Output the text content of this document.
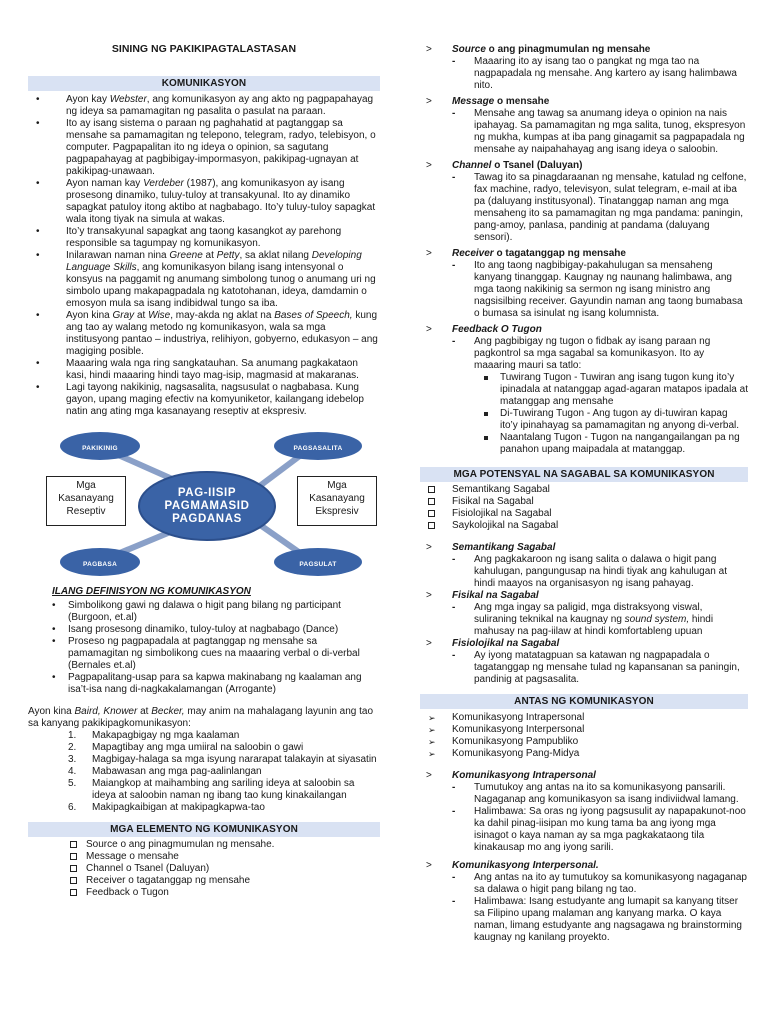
SINING NG PAKIKIPAGTALASTASAN
KOMUNIKASYON
• Ayon kay Webster, ang komunikasyon ay ang akto ng pagpapahayag ng ideya sa pamamagitan ng pasalita o pasulat na paraan.
• Ito ay isang sistema o paraan ng paghahatid at pagtanggap sa mensahe sa pamamagitan ng telepono, telegram, radyo, telebisyon, o computer. Pagpapalitan ito ng ideya o opinion, sa sagutang pagpapahayag at pagbibigay-impormasyon, pakikipag-ugnayan at pakikipag-unawaan.
• Ayon naman kay Verdeber (1987), ang komunikasyon ay isang prosesong dinamiko, tuluy-tuloy at transakyunal. Ito ay dinamiko sapagkat patuloy itong aktibo at nagbabago. Ito’y tuluy-tuloy sapagkat wala itong tiyak na simula at wakas.
• Ito’y transakyunal sapagkat ang taong kasangkot ay parehong responsible sa tagumpay ng komunikasyon.
• Inilarawan naman nina Greene at Petty, sa aklat nilang Developing Language Skills, ang komunikasyon bilang isang intensyonal o konsyus na paggamit ng anumang simbolong tunog o anumang uri ng simbolo upang makapagpadala ng katotohanan, ideya, damdamin o emosyon mula sa isang indibidwal tungo sa iba.
• Ayon kina Gray at Wise, may-akda ng aklat na Bases of Speech, kung ang tao ay walang metodo ng komunikasyon, wala sa mga institusyong pantao – industriya, relihiyon, gobyerno, edukasyon – ang magiging posible.
• Maaaring wala nga ring sangkatauhan. Sa anumang pagkakataon kasi, hindi maaaring hindi tayo mag-isip, magmasid at makaranas.
• Lagi tayong nakikinig, nagsasalita, nagsusulat o nagbabasa. Kung gayon, upang maging efectiv na komyuniketor, kailangang idebelop natin ang ating mga kasanayang reseptiv at ekspresiv.
PAKIKINIG	PAGSASALITA
PAGBASA	PAGSULAT
PAG-IISIP
PAGMAMASID
PAGDANAS
Mga
Kasanayang
Reseptiv
Mga
Kasanayang
Ekspresiv
ILANG DEFINISYON NG KOMUNIKASYON
• Simbolikong gawi ng dalawa o higit pang bilang ng participant (Burgoon, et.al)
• Isang prosesong dinamiko, tuloy-tuloy at nagbabago (Dance)
• Proseso ng pagpapadala at pagtanggap ng mensahe sa pamamagitan ng simbolikong cues na maaaring verbal o di-verbal (Bernales et.al)
• Pagpapalitang-usap para sa kapwa makinabang ng kaalaman ang isa’t-isa nang di-nagkakalamangan (Arrogante)
Ayon kina Baird, Knower at Becker, may anim na mahalagang layunin ang tao sa kanyang pakikipagkomunikasyon:
1. Makapagbigay ng mga kaalaman
2. Mapagtibay ang mga umiiral na saloobin o gawi
3. Magbigay-halaga sa mga isyung nararapat talakayin at siyasatin
4. Mabawasan ang mga pag-aalinlangan
5. Maiangkop at maihambing ang sariling ideya at saloobin sa ideya at saloobin naman ng ibang tao kung kinakailangan
6. Makipagkaibigan at makipagkapwa-tao
MGA ELEMENTO NG KOMUNIKASYON
Source o ang pinagmumulan ng mensahe.
Message o mensahe
Channel o Tsanel (Daluyan)
Receiver o tagatanggap ng mensahe
Feedback o Tugon
> Source o ang pinagmumulan ng mensahe
- Maaaring ito ay isang tao o pangkat ng mga tao na nagpapadala ng mensahe. Ang kartero ay isang halimbawa nito.
> Message o mensahe
- Mensahe ang tawag sa anumang ideya o opinion na nais ipahayag. Sa pamamagitan ng mga salita, tunog, ekspresyon ng mukha, kumpas at iba pang ginagamit sa pagpapadala ng mensahe ay naipahahayag ang isang ideya o saloobin.
> Channel o Tsanel (Daluyan)
- Tawag ito sa pinagdaraanan ng mensahe, katulad ng celfone, fax machine, radyo, televisyon, sulat telegram, e-mail at iba pa (daluyang institusyonal). Tinatanggap naman ang mga mensaheng ito sa pamamagitan ng mga pandama: paningin, pang-amoy, panlasa, pandinig at pandama (daluyang sensori).
> Receiver o tagatanggap ng mensahe
- Ito ang taong nagbibigay-pakahulugan sa mensaheng kanyang tinanggap. Kaugnay ng naunang halimbawa, ang mga taong nakikinig sa sermon ng isang ministro ang nagsisilbing receiver. Gayundin naman ang taong bumabasa o bumasa sa isinulat ng isang kolumnista.
> Feedback O Tugon
- Ang pagbibigay ng tugon o fidbak ay isang paraan ng pagkontrol sa mga sagabal sa komunikasyon. Ito ay maaaring mauri sa tatlo:
Tuwirang Tugon - Tuwiran ang isang tugon kung ito’y ipinadala at natanggap agad-agaran matapos ipadala at matanggap ang mensahe
Di-Tuwirang Tugon - Ang tugon ay di-tuwiran kapag ito’y ipinahayag sa pamamagitan ng anyong di-verbal.
Naantalang Tugon - Tugon na nangangailangan pa ng panahon upang maipadala at matanggap.
MGA POTENSYAL NA SAGABAL SA KOMUNIKASYON
Semantikang Sagabal
Fisikal na Sagabal
Fisiolojikal na Sagabal
Saykolojikal na Sagabal
> Semantikang Sagabal
- Ang pagkakaroon ng isang salita o dalawa o higit pang kahulugan, pangungusap na hindi tiyak ang kahulugan at hindi maayos na organisasyon ng isang pahayag.
> Fisikal na Sagabal
- Ang mga ingay sa paligid, mga distraksyong viswal, suliraning teknikal na kaugnay ng sound system, hindi mahusay na pag-iilaw at hindi komfortableng upuan
> Fisiolojikal na Sagabal
- Ay iyong matatagpuan sa katawan ng nagpapadala o tagatanggap ng mensahe tulad ng kapansanan sa paningin, pandinig at pagsasalita.
ANTAS NG KOMUNIKASYON
➢ Komunikasyong Intrapersonal
➢ Komunikasyong Interpersonal
➢ Komunikasyong Pampubliko
➢ Komunikasyong Pang-Midya
> Komunikasyong Intrapersonal
- Tumutukoy ang antas na ito sa komunikasyong pansarili. Nagaganap ang komunikasyon sa isang indiviidwal lamang.
- Halimbawa: Sa oras ng iyong pagsusulit ay napapakunot-noo ka dahil pinag-iisipan mo kung tama ba ang iyong mga isinagot o kaya naman ay sa mga pagkakataong tila kinakausap mo ang iyong sarili.
> Komunikasyong Interpersonal.
- Ang antas na ito ay tumutukoy sa komunikasyong nagaganap sa dalawa o higit pang bilang ng tao.
- Halimbawa: Isang estudyante ang lumapit sa kanyang titser sa Filipino upang malaman ang kanyang marka. O kaya naman, limang estudyante ang nagsagawa ng brainstorming kaugnay ng kanilang proyekto.
